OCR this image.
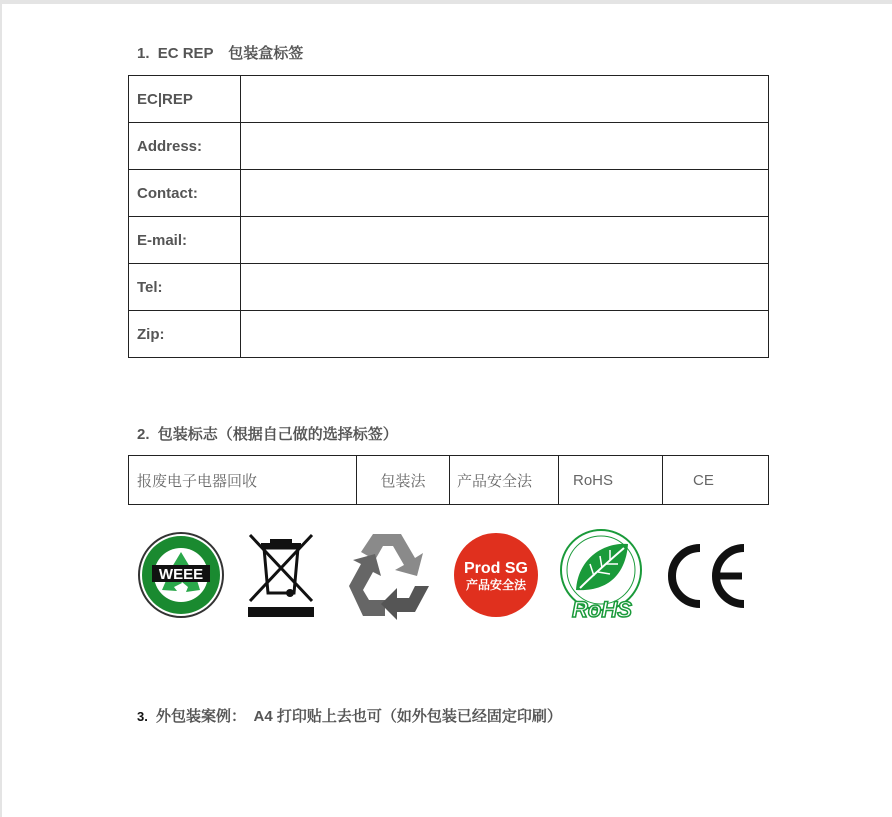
1. EC REP　包装盒标签
EC|REP	
Address:	
Contact:	
E-mail:	
Tel:	
Zip:	
2. 包装标志（根据自己做的选择标签）
报废电子电器回收	包装法	产品安全法	RoHS	CE
WEEE	Prod SG
产品安全法
RoHS
3. 外包装案例：　A4 打印贴上去也可（如外包装已经固定印刷）
